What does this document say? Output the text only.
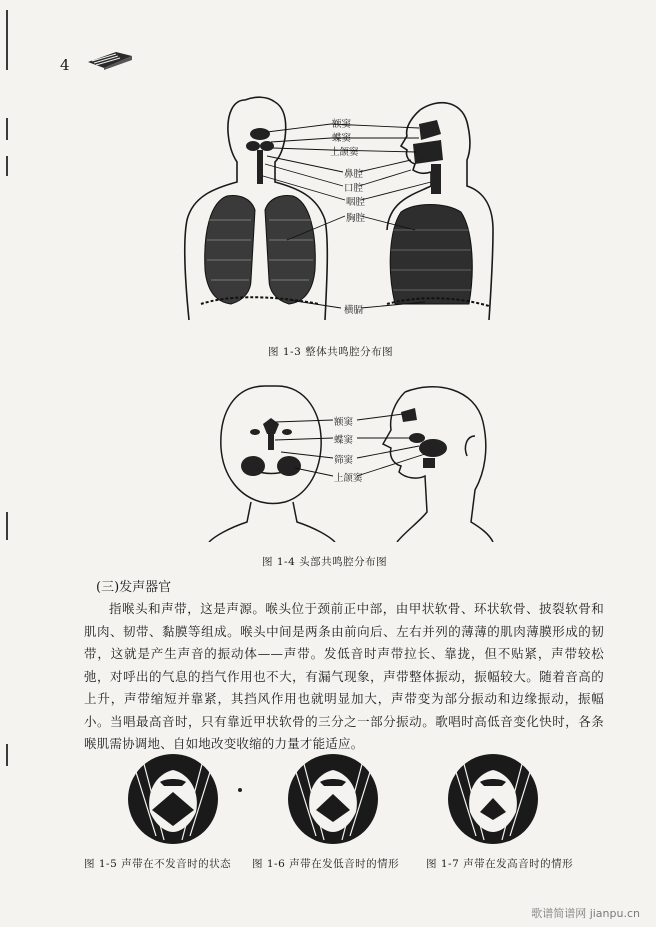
4
额窦
蝶窦
上颌窦
鼻腔
口腔
咽腔
胸腔
横膈
图 1-3 整体共鸣腔分布图
额窦
蝶窦
筛窦
上颌窦
图 1-4 头部共鸣腔分布图
(三)发声器官

指喉头和声带，这是声源。喉头位于颈前正中部，由甲状软骨、环状软骨、披裂软骨和肌肉、韧带、黏膜等组成。喉头中间是两条由前向后、左右并列的薄薄的肌肉薄膜形成的韧带，这就是产生声音的振动体——声带。发低音时声带拉长、靠拢，但不贴紧，声带较松弛，对呼出的气息的挡气作用也不大，有漏气现象，声带整体振动，振幅较大。随着音高的上升，声带缩短并靠紧，其挡风作用也就明显加大，声带变为部分振动和边缘振动，振幅小。当唱最高音时，只有靠近甲状软骨的三分之一部分振动。歌唱时高低音变化快时，各条喉肌需协调地、自如地改变收缩的力量才能适应。

图 1-5 声带在不发音时的状态 图 1-6 声带在发低音时的情形	图 1-7 声带在发高音时的情形
歌谱简谱网 jianpu.cn
